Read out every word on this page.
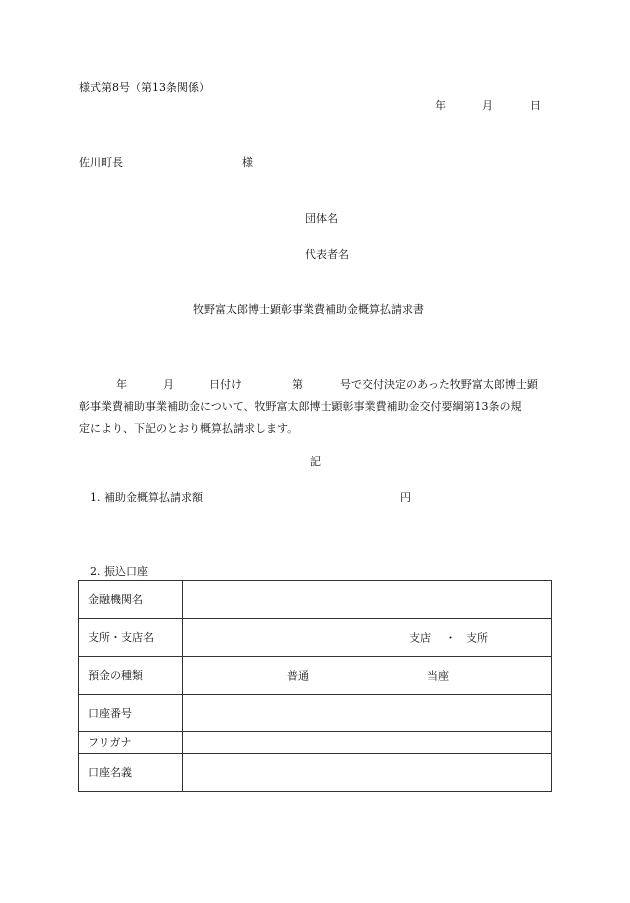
様式第8号（第13条関係）
年	月	日
佐川町長	様
団体名
代表者名
牧野富太郎博士顕彰事業費補助金概算払請求書
年	月	日付け	第	号で交付決定のあった牧野富太郎博士顕
彰事業費補助事業補助金について、牧野富太郎博士顕彰事業費補助金交付要綱第13条の規
定により、下記のとおり概算払請求します。
記
1. 補助金概算払請求額	円
2. 振込口座
金融機関名	
支所・支店名	支店 ・ 支所

預金の種類	普通 当座

口座番号	
フリガナ	
口座名義	
